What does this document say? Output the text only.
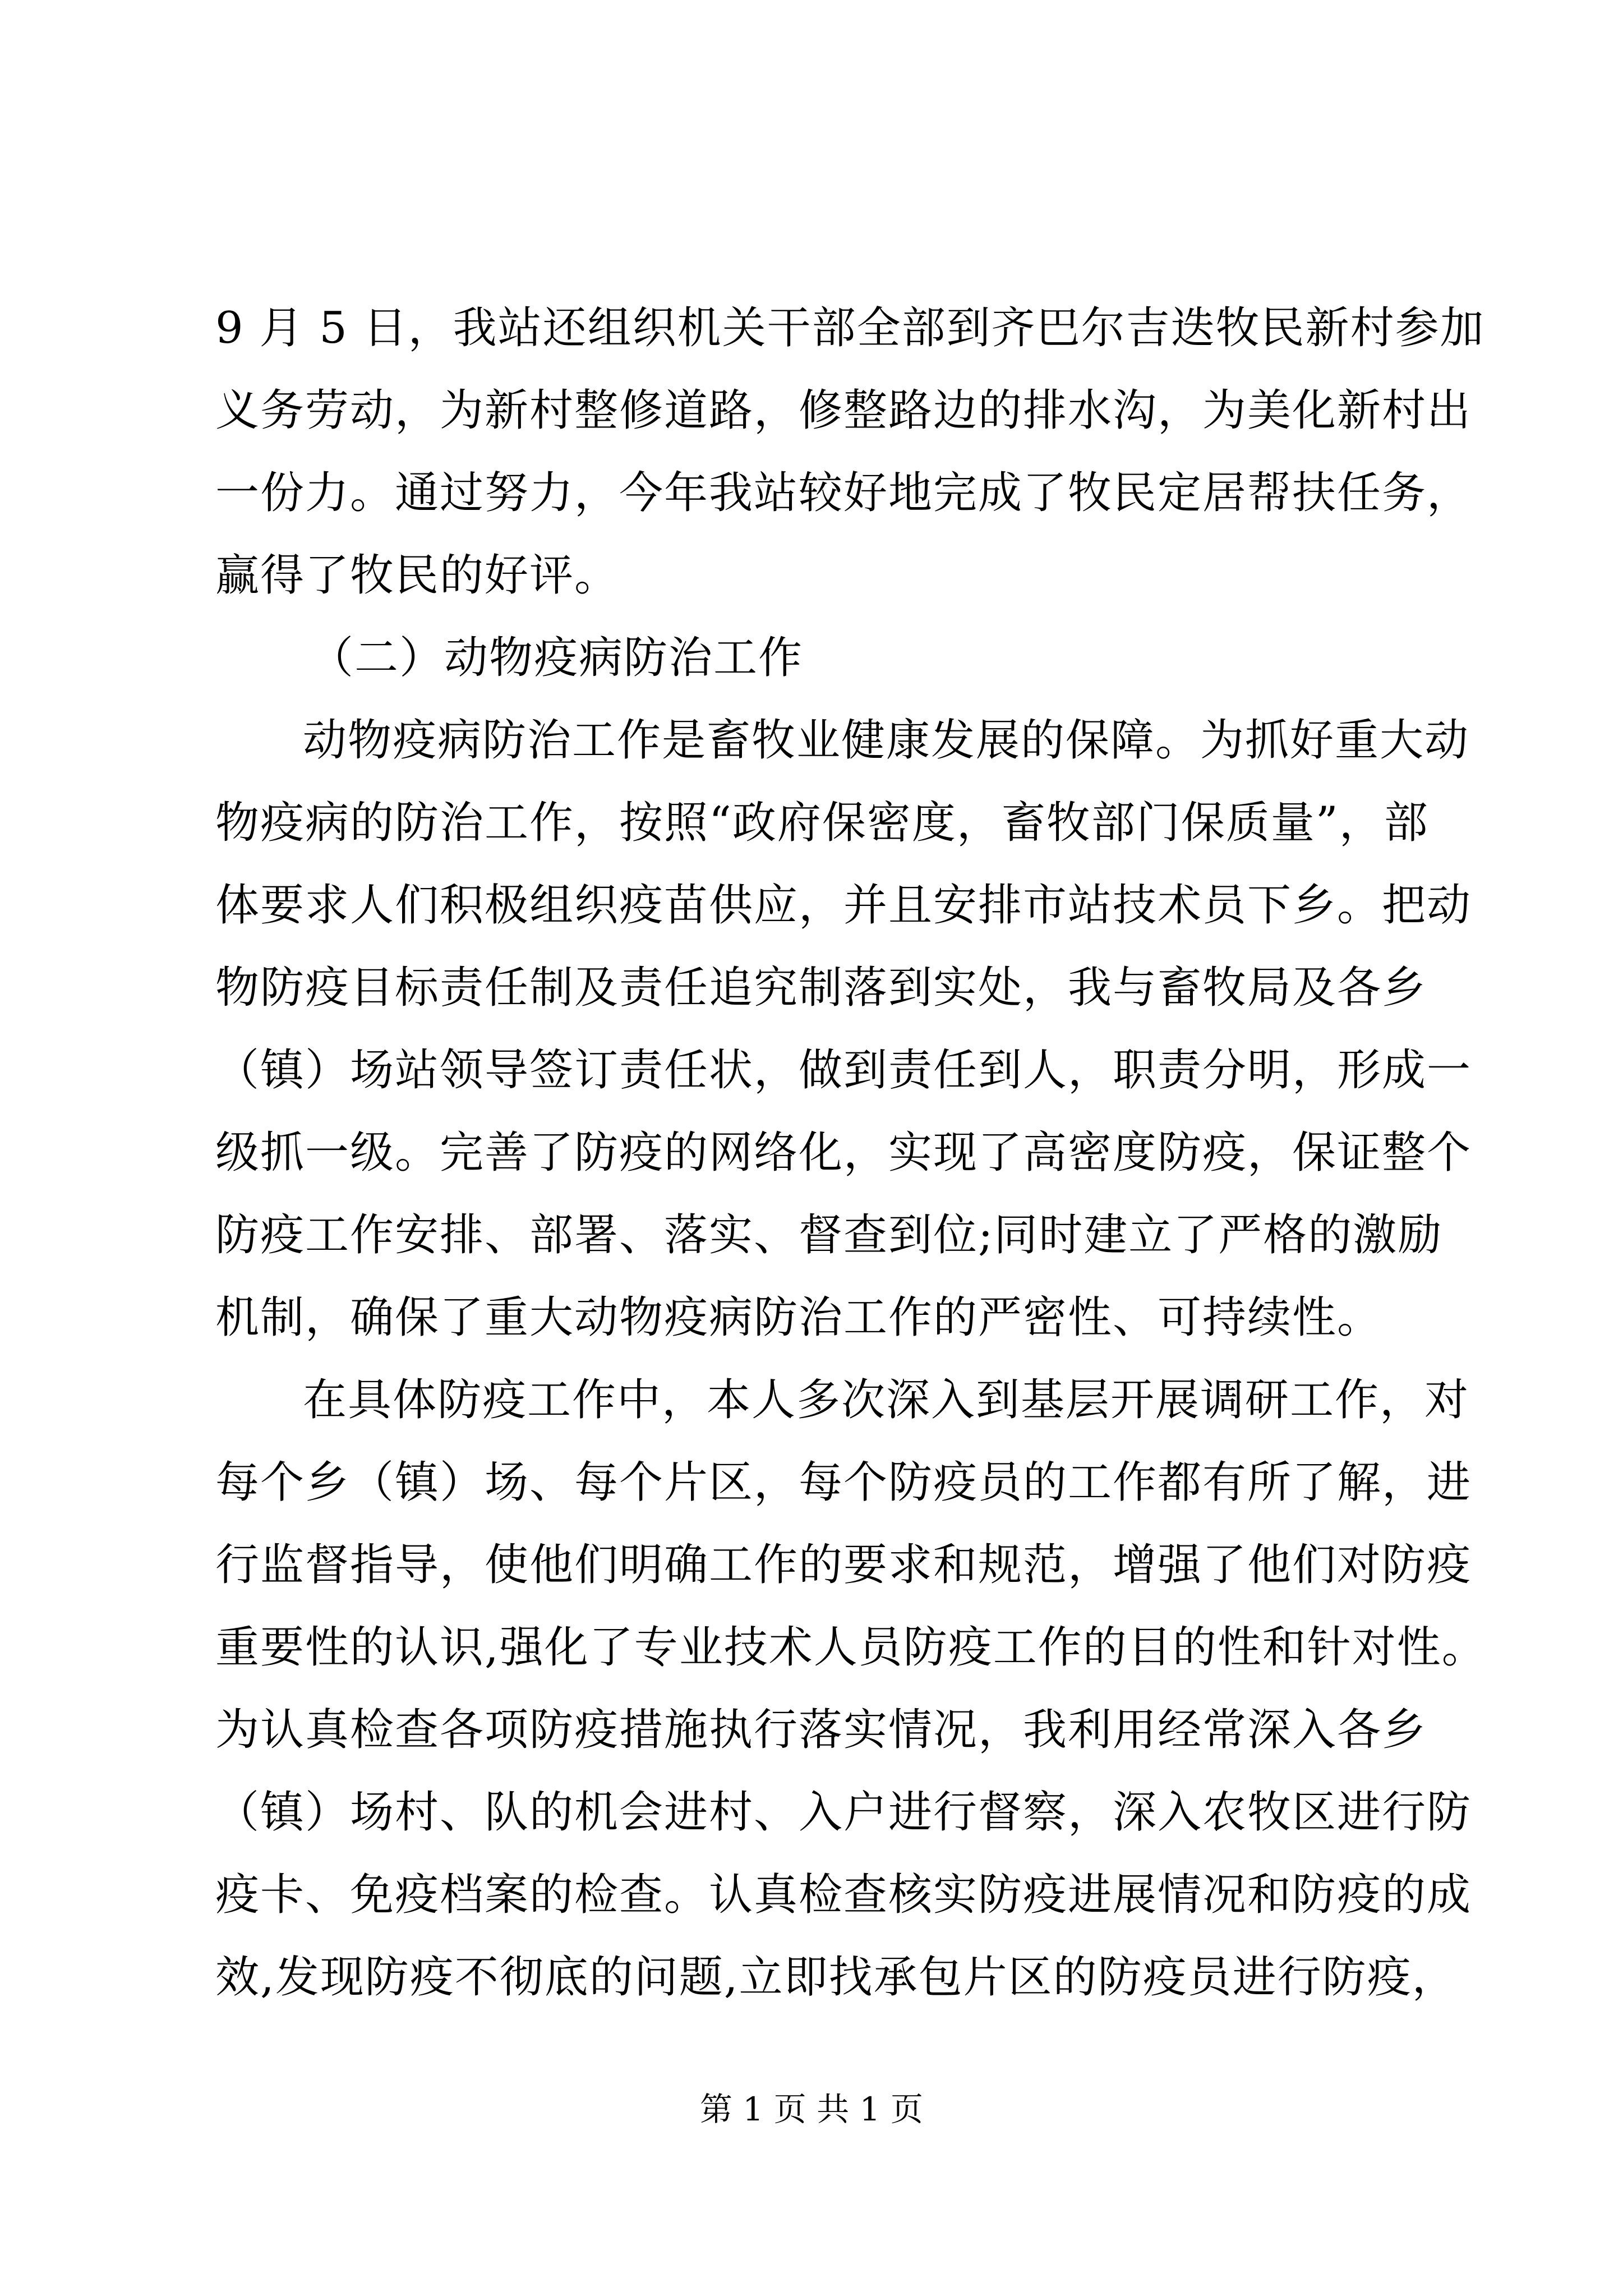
9 月 5 日，我站还组织机关干部全部到齐巴尔吉迭牧民新村参加
义务劳动，为新村整修道路，修整路边的排水沟，为美化新村出
一份力。通过努力，今年我站较好地完成了牧民定居帮扶任务，
赢得了牧民的好评。
（二）动物疫病防治工作
动物疫病防治工作是畜牧业健康发展的保障。为抓好重大动
物疫病的防治工作，按照“政府保密度，畜牧部门保质量”，部
体要求人们积极组织疫苗供应，并且安排市站技术员下乡。把动
物防疫目标责任制及责任追究制落到实处，我与畜牧局及各乡
（镇）场站领导签订责任状，做到责任到人，职责分明，形成一
级抓一级。完善了防疫的网络化，实现了高密度防疫，保证整个
防疫工作安排、部署、落实、督查到位;同时建立了严格的激励
机制，确保了重大动物疫病防治工作的严密性、可持续性。
在具体防疫工作中，本人多次深入到基层开展调研工作，对
每个乡（镇）场、每个片区，每个防疫员的工作都有所了解，进
行监督指导，使他们明确工作的要求和规范，增强了他们对防疫
重要性的认识,强化了专业技术人员防疫工作的目的性和针对性。
为认真检查各项防疫措施执行落实情况，我利用经常深入各乡
（镇）场村、队的机会进村、入户进行督察，深入农牧区进行防
疫卡、免疫档案的检查。认真检查核实防疫进展情况和防疫的成
效,发现防疫不彻底的问题,立即找承包片区的防疫员进行防疫，
第 1 页 共 1 页
